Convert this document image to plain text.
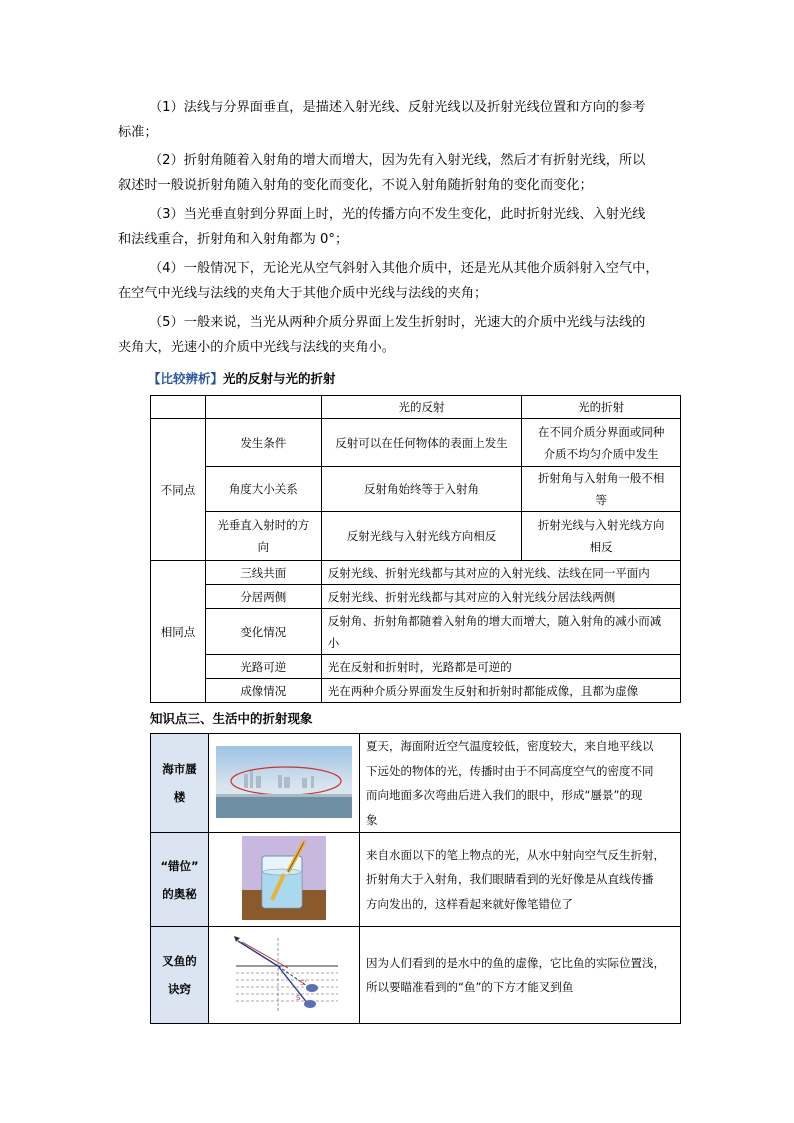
（1）法线与分界面垂直，是描述入射光线、反射光线以及折射光线位置和方向的参考
标准；
（2）折射角随着入射角的增大而增大，因为先有入射光线，然后才有折射光线，所以
叙述时一般说折射角随入射角的变化而变化，不说入射角随折射角的变化而变化；
（3）当光垂直射到分界面上时，光的传播方向不发生变化，此时折射光线、入射光线
和法线重合，折射角和入射角都为 0°；
（4）一般情况下，无论光从空气斜射入其他介质中，还是光从其他介质斜射入空气中，
在空气中光线与法线的夹角大于其他介质中光线与法线的夹角；
（5）一般来说，当光从两种介质分界面上发生折射时，光速大的介质中光线与法线的
夹角大，光速小的介质中光线与法线的夹角小。
【比较辨析】光的反射与光的折射
		光的反射	光的折射
不同点	发生条件	反射可以在任何物体的表面上发生	在不同介质分界面或同种
介质不均匀介质中发生
	角度大小关系	反射角始终等于入射角	折射角与入射角一般不相
等
	光垂直入射时的方
向	反射光线与入射光线方向相反	折射光线与入射光线方向
相反
相同点	三线共面	反射光线、折射光线都与其对应的入射光线、法线在同一平面内	
	分居两侧	反射光线、折射光线都与其对应的入射光线分居法线两侧	
	变化情况	反射角、折射角都随着入射角的增大而增大，随入射角的减小而减
小	
	光路可逆	光在反射和折射时，光路都是可逆的	
	成像情况	光在两种介质分界面发生反射和折射时都能成像，且都为虚像	
知识点三、生活中的折射现象
海市蜃
楼		夏天，海面附近空气温度较低，密度较大，来自地平线以
下远处的物体的光，传播时由于不同高度空气的密度不同
而向地面多次弯曲后进入我们的眼中，形成“蜃景”的现
象
“错位”
的奥秘		来自水面以下的笔上物点的光，从水中射向空气反生折射，
折射角大于入射角，我们眼睛看到的光好像是从直线传播
方向发出的，这样看起来就好像笔错位了
叉鱼的
诀窍	S'
S	因为人们看到的是水中的鱼的虚像，它比鱼的实际位置浅，
所以要瞄准看到的“鱼”的下方才能叉到鱼
